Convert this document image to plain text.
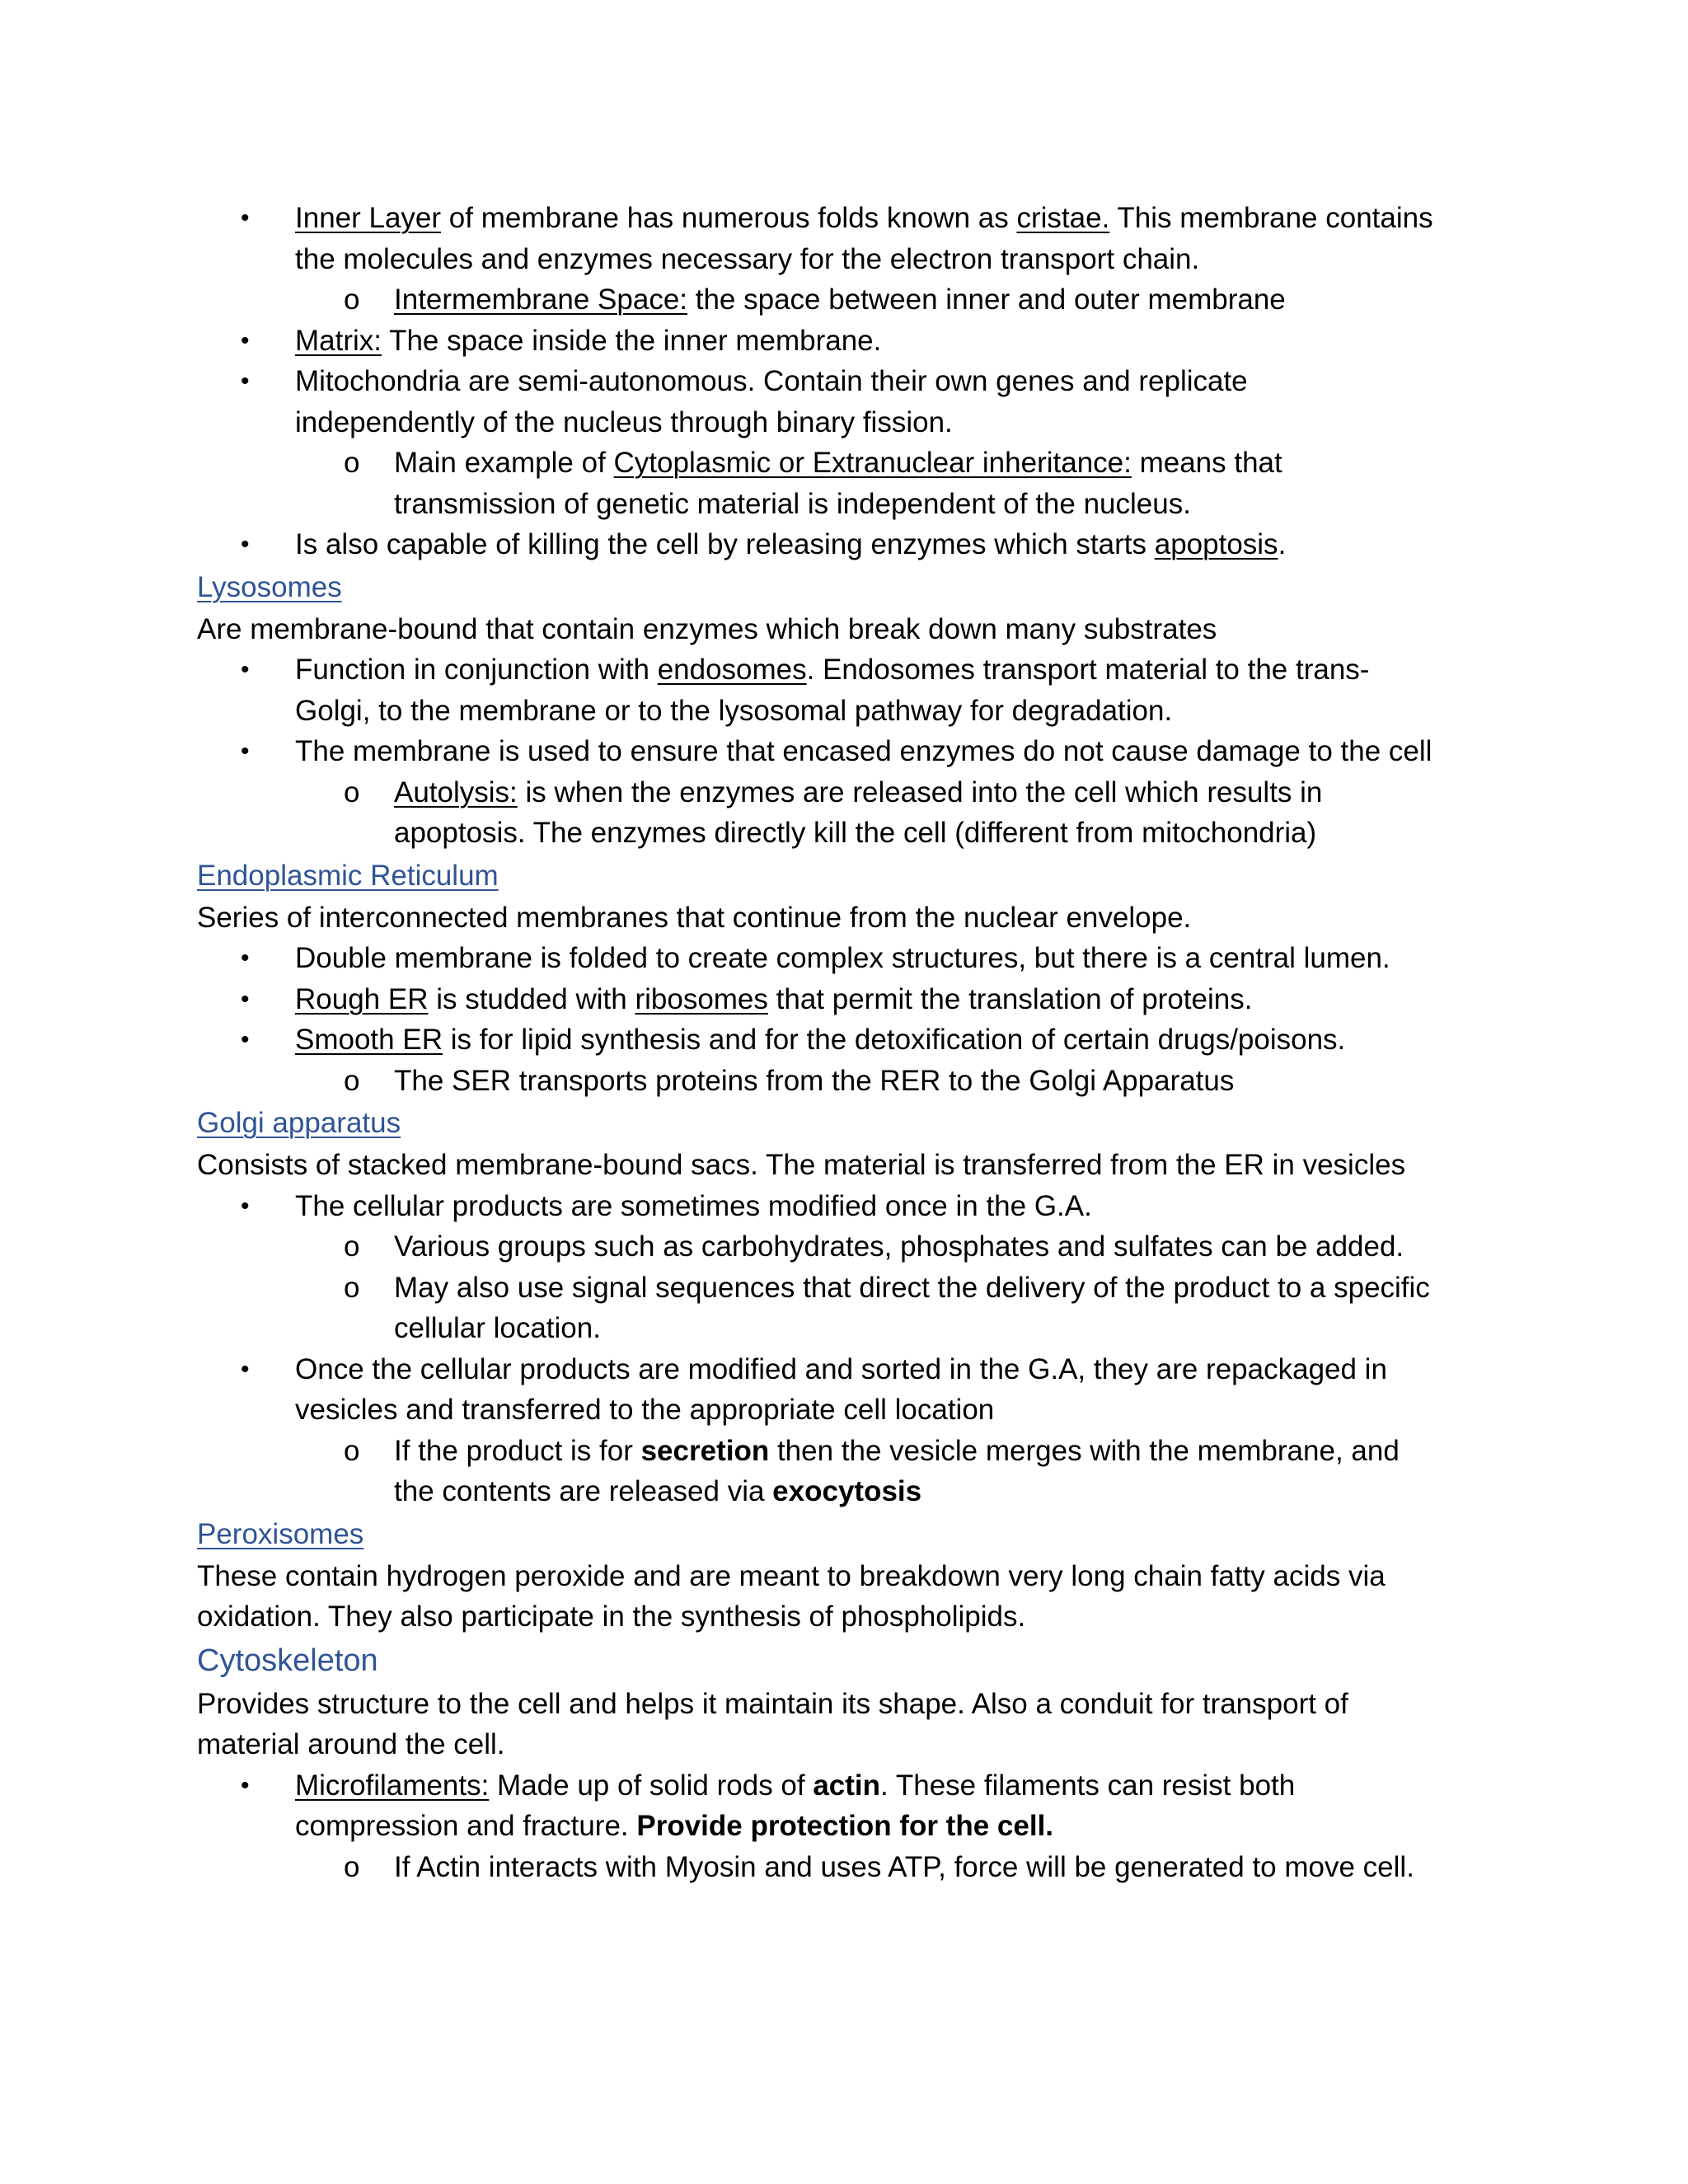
• Inner Layer of membrane has numerous folds known as cristae. This membrane contains
the molecules and enzymes necessary for the electron transport chain.
o Intermembrane Space: the space between inner and outer membrane
• Matrix: The space inside the inner membrane.
• Mitochondria are semi-autonomous. Contain their own genes and replicate
independently of the nucleus through binary fission.
o Main example of Cytoplasmic or Extranuclear inheritance: means that
transmission of genetic material is independent of the nucleus.
• Is also capable of killing the cell by releasing enzymes which starts apoptosis.
Lysosomes
Are membrane-bound that contain enzymes which break down many substrates
• Function in conjunction with endosomes. Endosomes transport material to the trans-
Golgi, to the membrane or to the lysosomal pathway for degradation.
• The membrane is used to ensure that encased enzymes do not cause damage to the cell
o Autolysis: is when the enzymes are released into the cell which results in
apoptosis. The enzymes directly kill the cell (different from mitochondria)
Endoplasmic Reticulum
Series of interconnected membranes that continue from the nuclear envelope.
• Double membrane is folded to create complex structures, but there is a central lumen.
• Rough ER is studded with ribosomes that permit the translation of proteins.
• Smooth ER is for lipid synthesis and for the detoxification of certain drugs/poisons.
o The SER transports proteins from the RER to the Golgi Apparatus
Golgi apparatus
Consists of stacked membrane-bound sacs. The material is transferred from the ER in vesicles
• The cellular products are sometimes modified once in the G.A.
o Various groups such as carbohydrates, phosphates and sulfates can be added.
o May also use signal sequences that direct the delivery of the product to a specific
cellular location.
• Once the cellular products are modified and sorted in the G.A, they are repackaged in
vesicles and transferred to the appropriate cell location
o If the product is for secretion then the vesicle merges with the membrane, and
the contents are released via exocytosis
Peroxisomes
These contain hydrogen peroxide and are meant to breakdown very long chain fatty acids via
oxidation. They also participate in the synthesis of phospholipids.
Cytoskeleton
Provides structure to the cell and helps it maintain its shape. Also a conduit for transport of
material around the cell.
• Microfilaments: Made up of solid rods of actin. These filaments can resist both
compression and fracture. Provide protection for the cell.
o If Actin interacts with Myosin and uses ATP, force will be generated to move cell.
